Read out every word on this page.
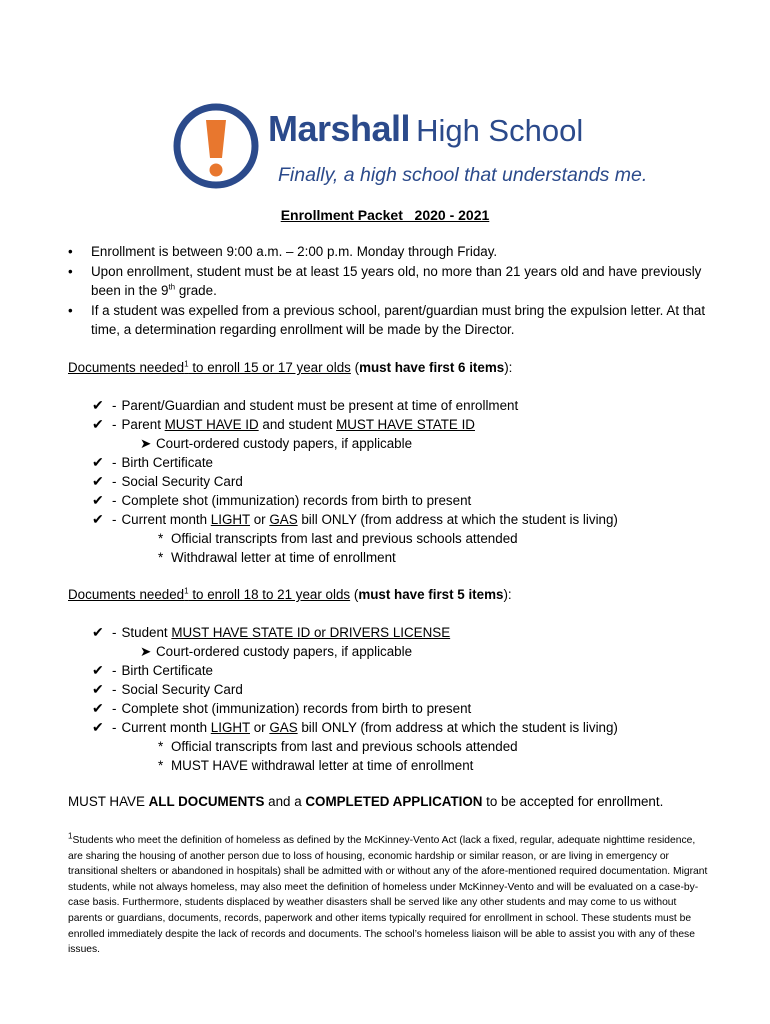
Marshall High School
Finally, a high school that understands me.
Enrollment Packet   2020 - 2021
• Enrollment is between 9:00 a.m. – 2:00 p.m. Monday through Friday.
• Upon enrollment, student must be at least 15 years old, no more than 21 years old and have previously been in the 9th grade.
• If a student was expelled from a previous school, parent/guardian must bring the expulsion letter. At that time, a determination regarding enrollment will be made by the Director.
Documents needed$^1$ to enroll 15 or 17 year olds (must have first 6 items):
✔ - Parent/Guardian and student must be present at time of enrollment
✔ - Parent MUST HAVE ID and student MUST HAVE STATE ID
➤ Court-ordered custody papers, if applicable
✔ - Birth Certificate
✔ - Social Security Card
✔ - Complete shot (immunization) records from birth to present
✔ - Current month LIGHT or GAS bill ONLY (from address at which the student is living)
* Official transcripts from last and previous schools attended
* Withdrawal letter at time of enrollment
Documents needed$^1$ to enroll 18 to 21 year olds (must have first 5 items):
✔ - Student MUST HAVE STATE ID or DRIVERS LICENSE
➤ Court-ordered custody papers, if applicable
✔ - Birth Certificate
✔ - Social Security Card
✔ - Complete shot (immunization) records from birth to present
✔ - Current month LIGHT or GAS bill ONLY (from address at which the student is living)
* Official transcripts from last and previous schools attended
* MUST HAVE withdrawal letter at time of enrollment
MUST HAVE ALL DOCUMENTS and a COMPLETED APPLICATION to be accepted for enrollment.
$^1$Students who meet the definition of homeless as defined by the McKinney-Vento Act (lack a fixed, regular, adequate nighttime residence, are sharing the housing of another person due to loss of housing, economic hardship or similar reason, or are living in emergency or transitional shelters or abandoned in hospitals) shall be admitted with or without any of the afore-mentioned required documentation. Migrant students, while not always homeless, may also meet the definition of homeless under McKinney-Vento and will be evaluated on a case-by-case basis. Furthermore, students displaced by weather disasters shall be served like any other students and may come to us without parents or guardians, documents, records, paperwork and other items typically required for enrollment in school. These students must be enrolled immediately despite the lack of records and documents. The school’s homeless liaison will be able to assist you with any of these issues.
